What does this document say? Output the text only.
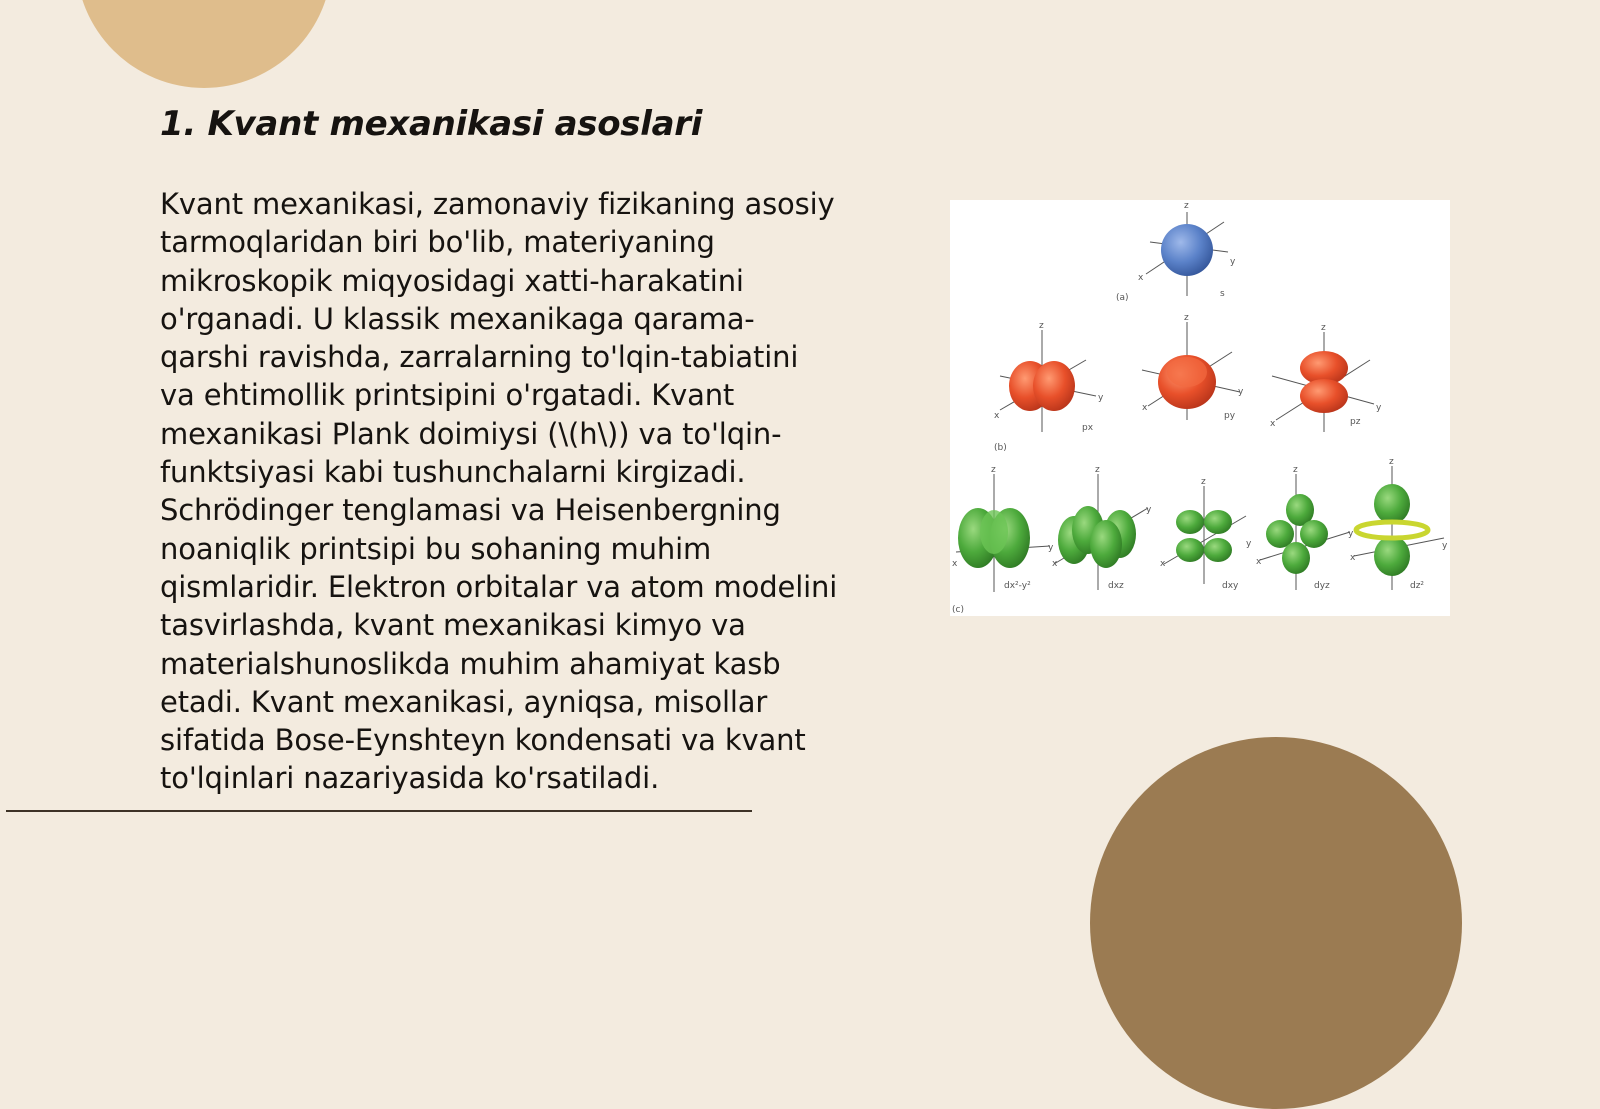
1. Kvant mexanikasi asoslari

Kvant mexanikasi, zamonaviy fizikaning asosiy tarmoqlaridan biri bo'lib, materiyaning mikroskopik miqyosidagi xatti-harakatini o'rganadi. U klassik mexanikaga qarama-qarshi ravishda, zarralarning to'lqin-tabiatini va ehtimollik printsipini o'rgatadi. Kvant mexanikasi Plank doimiysi (\(h\)) va to'lqin-funktsiyasi kabi tushunchalarni kirgizadi. Schrödinger tenglamasi va Heisenbergning noaniqlik printsipi bu sohaning muhim qismlaridir. Elektron orbitalar va atom modelini tasvirlashda, kvant mexanikasi kimyo va materialshunoslikda muhim ahamiyat kasb etadi. Kvant mexanikasi, ayniqsa, misollar sifatida Bose-Eynshteyn kondensati va kvant to'lqinlari nazariyasida ko'rsatiladi.

z
x
y
(a)	s
z
x
y
px
(b)
z
x
y
py
z
x
y
pz
z
x
y
dx²-y²
(c)
z
x
y
dxz
z
x
y
dxy
z
x
y
dyz
z
x
y
dz²
